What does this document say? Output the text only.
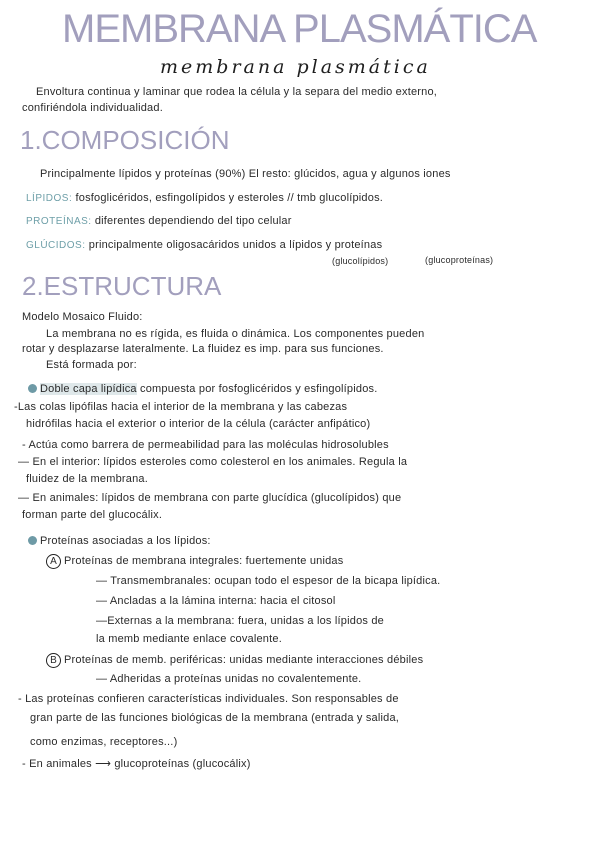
MEMBRANA PLASMÁTICA
membrana plasmática
Envoltura continua y laminar que rodea la célula y la separa del medio externo,
confiriéndola individualidad.
1.COMPOSICIÓN
Principalmente lípidos y proteínas (90%) El resto: glúcidos, agua y algunos iones
LÍPIDOS: fosfoglicéridos, esfingolípidos y esteroles // tmb glucolípidos.
PROTEÍNAS: diferentes dependiendo del tipo celular
GLÚCIDOS: principalmente oligosacáridos unidos a lípidos y proteínas
(glucolípidos)	(glucoproteínas)
2.ESTRUCTURA
Modelo Mosaico Fluido:
La membrana no es rígida, es fluida o dinámica. Los componentes pueden
rotar y desplazarse lateralmente. La fluidez es imp. para sus funciones.
Está formada por:
Doble capa lipídica compuesta por fosfoglicéridos y esfingolípidos.
-Las colas lipófilas hacia el interior de la membrana y las cabezas
hidrófilas hacia el exterior o interior de la célula (carácter anfipático)
- Actúa como barrera de permeabilidad para las moléculas hidrosolubles
— En el interior: lípidos esteroles como colesterol en los animales. Regula la
fluidez de la membrana.
— En animales: lípidos de membrana con parte glucídica (glucolípidos) que
forman parte del glucocálix.
Proteínas asociadas a los lípidos:
A Proteínas de membrana integrales: fuertemente unidas
— Transmembranales: ocupan todo el espesor de la bicapa lipídica.
— Ancladas a la lámina interna: hacia el citosol
—Externas a la membrana: fuera, unidas a los lípidos de
la memb mediante enlace covalente.
B Proteínas de memb. periféricas: unidas mediante interacciones débiles
— Adheridas a proteínas unidas no covalentemente.
- Las proteínas confieren características individuales. Son responsables de
gran parte de las funciones biológicas de la membrana (entrada y salida,
como enzimas, receptores...)
- En animales ⟶ glucoproteínas (glucocálix)
